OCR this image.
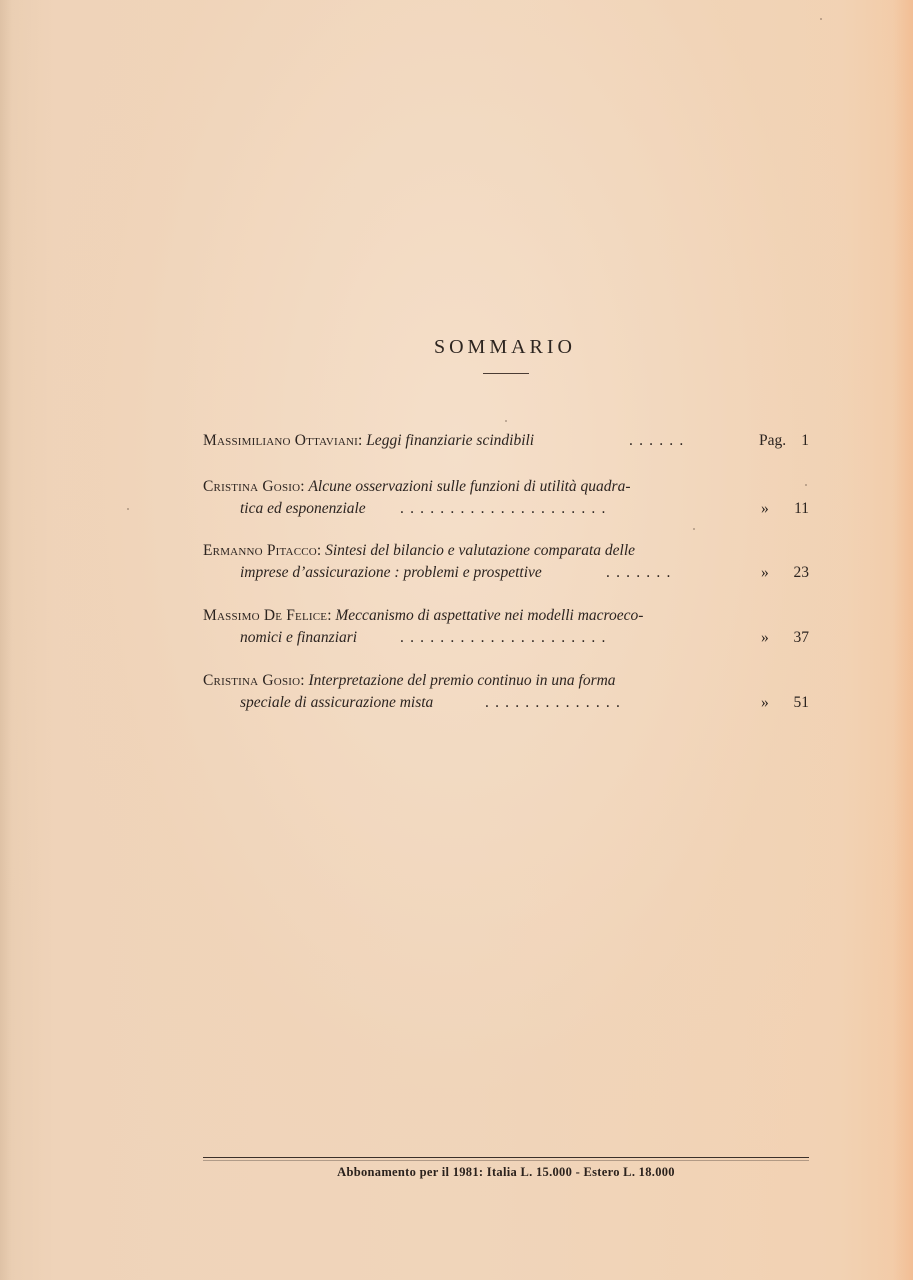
SOMMARIO
Massimiliano Ottaviani: Leggi finanziarie scindibili	......	Pag. 1
Cristina Gosio: Alcune osservazioni sulle funzioni di utilità quadra-
tica ed esponenziale .....................	» 11
Ermanno Pitacco: Sintesi del bilancio e valutazione comparata delle
imprese d’assicurazione : problemi e prospettive	.......	» 23
Massimo De Felice: Meccanismo di aspettative nei modelli macroeco-
nomici e finanziari	.....................	» 37
Cristina Gosio: Interpretazione del premio continuo in una forma
speciale di assicurazione mista	..............	» 51
Abbonamento per il 1981: Italia L. 15.000 - Estero L. 18.000
